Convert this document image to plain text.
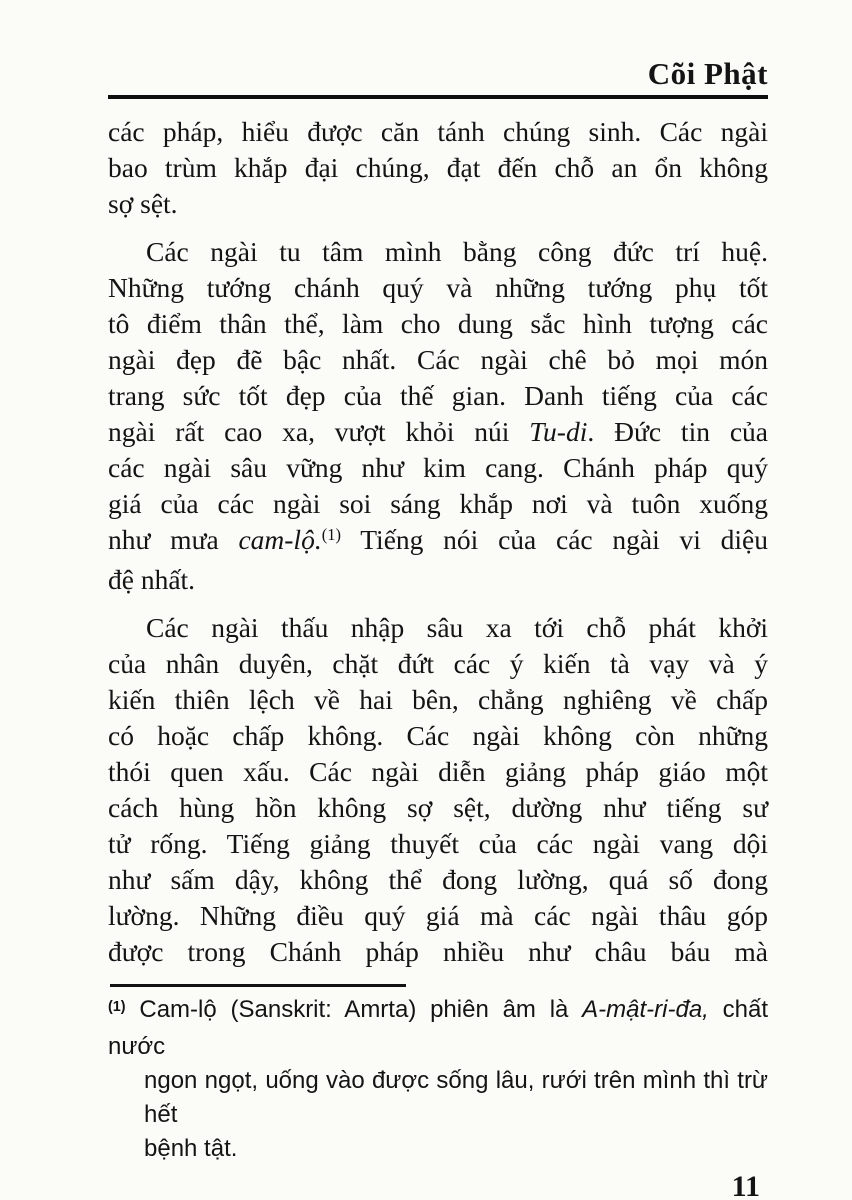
Cõi Phật
các pháp, hiểu được căn tánh chúng sinh. Các ngài
bao trùm khắp đại chúng, đạt đến chỗ an ổn không
sợ sệt.
Các ngài tu tâm mình bằng công đức trí huệ.
Những tướng chánh quý và những tướng phụ tốt
tô điểm thân thể, làm cho dung sắc hình tượng các
ngài đẹp đẽ bậc nhất. Các ngài chê bỏ mọi món
trang sức tốt đẹp của thế gian. Danh tiếng của các
ngài rất cao xa, vượt khỏi núi Tu-di. Đức tin của
các ngài sâu vững như kim cang. Chánh pháp quý
giá của các ngài soi sáng khắp nơi và tuôn xuống
như mưa cam-lộ.$^{(1)}$ Tiếng nói của các ngài vi diệu
đệ nhất.
Các ngài thấu nhập sâu xa tới chỗ phát khởi
của nhân duyên, chặt đứt các ý kiến tà vạy và ý
kiến thiên lệch về hai bên, chẳng nghiêng về chấp
có hoặc chấp không. Các ngài không còn những
thói quen xấu. Các ngài diễn giảng pháp giáo một
cách hùng hồn không sợ sệt, dường như tiếng sư
tử rống. Tiếng giảng thuyết của các ngài vang dội
như sấm dậy, không thể đong lường, quá số đong
lường. Những điều quý giá mà các ngài thâu góp
được trong Chánh pháp nhiều như châu báu mà
$^{(1)}$ Cam-lộ (Sanskrit: Amrta) phiên âm là A-mật-ri-đa, chất nước
ngon ngọt, uống vào được sống lâu, rưới trên mình thì trừ hết
bệnh tật.
11
